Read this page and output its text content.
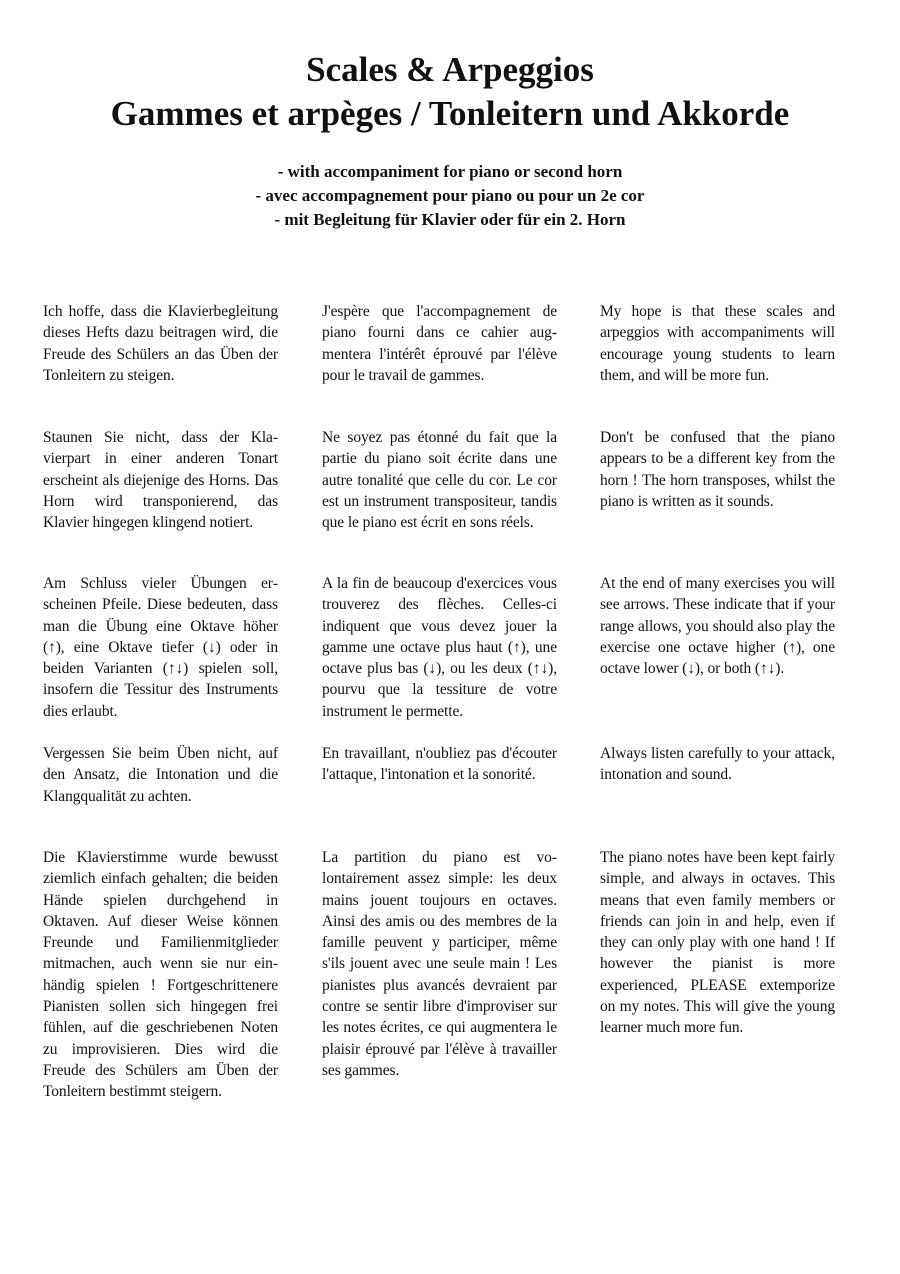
Scales & Arpeggios

Gammes et arpèges / Tonleitern und Akkorde

- with accompaniment for piano or second horn

- avec accompagnement pour piano ou pour un 2e cor

- mit Begleitung für Klavier oder für ein 2. Horn

Ich hoffe, dass die Klavierbegleitung dieses Hefts dazu beitragen wird, die Freude des Schülers an das Üben der Tonleitern zu steigen.

Staunen Sie nicht, dass der Klavierpart in einer anderen Tonart erscheint als diejenige des Horns. Das Horn wird transponierend, das Klavier hingegen klingend notiert.

Am Schluss vieler Übungen erscheinen Pfeile. Diese bedeuten, dass man die Übung eine Oktave höher (↑), eine Oktave tiefer (↓) oder in beiden Varianten (↑↓) spielen soll, insofern die Tessitur des Instruments dies erlaubt.

Vergessen Sie beim Üben nicht, auf den Ansatz, die Intonation und die Klangqualität zu achten.

Die Klavierstimme wurde bewusst ziemlich einfach gehalten; die beiden Hände spielen durchgehend in Oktaven. Auf dieser Weise können Freunde und Familienmitglieder mitmachen, auch wenn sie nur einhändig spielen ! Fortgeschrittenere Pianisten sollen sich hingegen frei fühlen, auf die geschriebenen Noten zu improvisieren. Dies wird die Freude des Schülers am Üben der Tonleitern bestimmt steigern.

J'espère que l'accompagnement de piano fourni dans ce cahier augmentera l'intérêt éprouvé par l'élève pour le travail de gammes.

Ne soyez pas étonné du fait que la partie du piano soit écrite dans une autre tonalité que celle du cor. Le cor est un instrument transpositeur, tandis que le piano est écrit en sons réels.

A la fin de beaucoup d'exercices vous trouverez des flèches. Celles-ci indiquent que vous devez jouer la gamme une octave plus haut (↑), une octave plus bas (↓), ou les deux (↑↓), pourvu que la tessiture de votre instrument le permette.

En travaillant, n'oubliez pas d'écouter l'attaque, l'intonation et la sonorité.

La partition du piano est volontairement assez simple: les deux mains jouent toujours en octaves. Ainsi des amis ou des membres de la famille peuvent y participer, même s'ils jouent avec une seule main ! Les pianistes plus avancés devraient par contre se sentir libre d'improviser sur les notes écrites, ce qui augmentera le plaisir éprouvé par l'élève à travailler ses gammes.

My hope is that these scales and arpeggios with accompaniments will encourage young students to learn them, and will be more fun.

Don't be confused that the piano appears to be a different key from the horn ! The horn transposes, whilst the piano is written as it sounds.

At the end of many exercises you will see arrows. These indicate that if your range allows, you should also play the exercise one octave higher (↑), one octave lower (↓), or both (↑↓).

Always listen carefully to your attack, intonation and sound.

The piano notes have been kept fairly simple, and always in octaves. This means that even family members or friends can join in and help, even if they can only play with one hand ! If however the pianist is more experienced, PLEASE extemporize on my notes. This will give the young learner much more fun.
